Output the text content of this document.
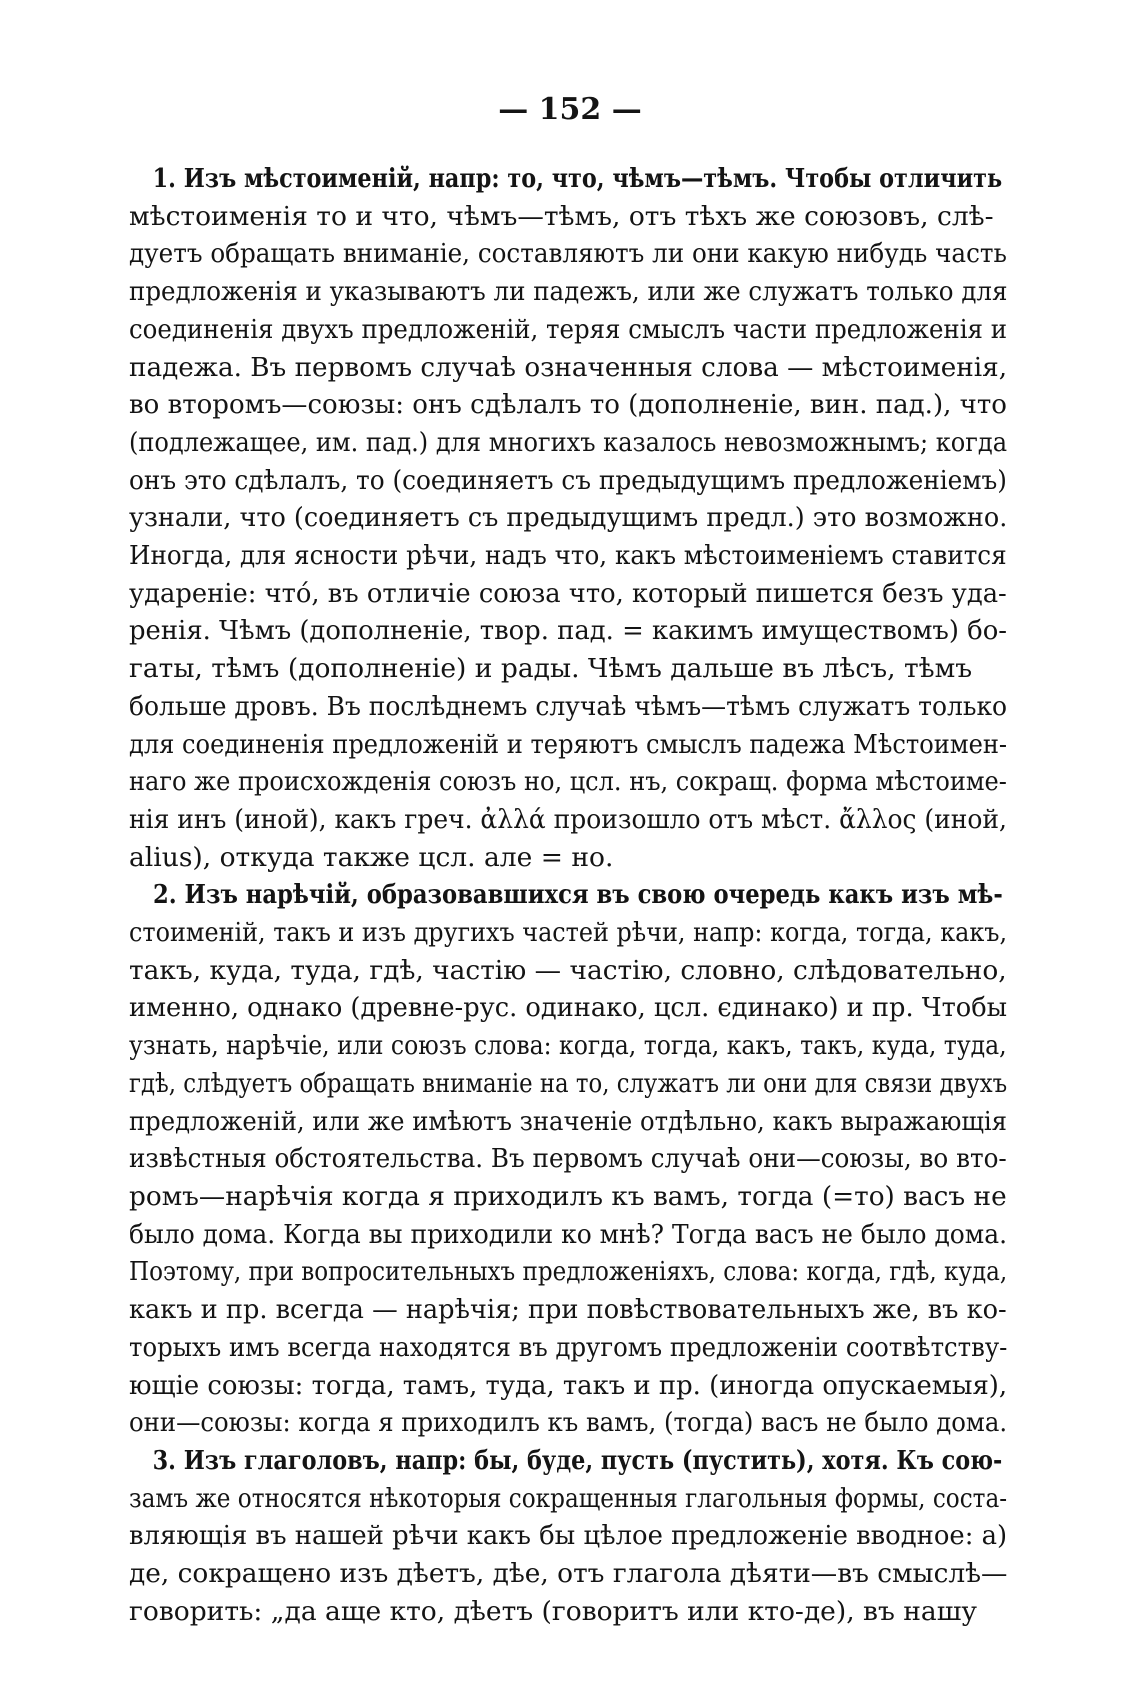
— 152 —
1. Изъ мѣстоименій, напр: то, что, чѣмъ—тѣмъ. Чтобы отличить
мѣстоименія то и что, чѣмъ—тѣмъ, отъ тѣхъ же союзовъ, слѣ-
дуетъ обращать вниманіе, составляютъ ли они какую нибудь часть
предложенія и указываютъ ли падежъ, или же служатъ только для
соединенія двухъ предложеній, теряя смыслъ части предложенія и
падежа. Въ первомъ случаѣ означенныя слова — мѣстоименія,
во второмъ—союзы: онъ сдѣлалъ то (дополненіе, вин. пад.), что
(подлежащее, им. пад.) для многихъ казалось невозможнымъ; когда
онъ это сдѣлалъ, то (соединяетъ съ предыдущимъ предложеніемъ)
узнали, что (соединяетъ съ предыдущимъ предл.) это возможно.
Иногда, для ясности рѣчи, надъ что, какъ мѣстоименіемъ ставится
удареніе: что́, въ отличіе союза что, который пишется безъ уда-
ренія. Чѣмъ (дополненіе, твор. пад. = какимъ имуществомъ) бо-
гаты, тѣмъ (дополненіе) и рады. Чѣмъ дальше въ лѣсъ, тѣмъ
больше дровъ. Въ послѣднемъ случаѣ чѣмъ—тѣмъ служатъ только
для соединенія предложеній и теряютъ смыслъ падежа Мѣстоимен-
наго же происхожденія союзъ но, цсл. нъ, сокращ. форма мѣстоиме-
нія инъ (иной), какъ греч. ἀλλά произошло отъ мѣст. ἄλλος (иной,
alius), откуда также цсл. але = но.
2. Изъ нарѣчій, образовавшихся въ свою очередь какъ изъ мѣ-
стоименій, такъ и изъ другихъ частей рѣчи, напр: когда, тогда, какъ,
такъ, куда, туда, гдѣ, частію — частію, словно, слѣдовательно,
именно, однако (древне-рус. одинако, цсл. єдинако) и пр. Чтобы
узнать, нарѣчіе, или союзъ слова: когда, тогда, какъ, такъ, куда, туда,
гдѣ, слѣдуетъ обращать вниманіе на то, служатъ ли они для связи двухъ
предложеній, или же имѣютъ значеніе отдѣльно, какъ выражающія
извѣстныя обстоятельства. Въ первомъ случаѣ они—союзы, во вто-
ромъ—нарѣчія когда я приходилъ къ вамъ, тогда (=то) васъ не
было дома. Когда вы приходили ко мнѣ? Тогда васъ не было дома.
Поэтому, при вопросительныхъ предложеніяхъ, слова: когда, гдѣ, куда,
какъ и пр. всегда — нарѣчія; при повѣствовательныхъ же, въ ко-
торыхъ имъ всегда находятся въ другомъ предложеніи соотвѣтству-
ющіе союзы: тогда, тамъ, туда, такъ и пр. (иногда опускаемыя),
они—союзы: когда я приходилъ къ вамъ, (тогда) васъ не было дома.
3. Изъ глаголовъ, напр: бы, буде, пусть (пустить), хотя. Къ сою-
замъ же относятся нѣкоторыя сокращенныя глагольныя формы, соста-
вляющія въ нашей рѣчи какъ бы цѣлое предложеніе вводное: а)
де, сокращено изъ дѣетъ, дѣе, отъ глагола дѣяти—въ смыслѣ—
говорить: „да аще кто, дѣетъ (говоритъ или кто-де), въ нашу
